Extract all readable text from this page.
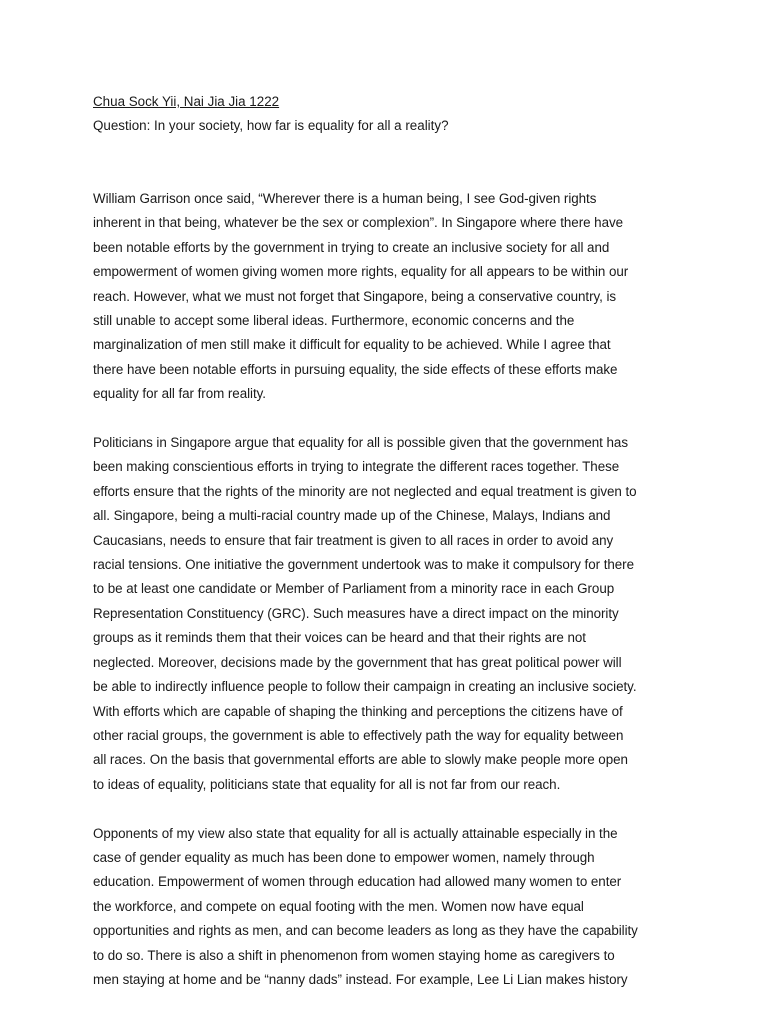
Chua Sock Yii, Nai Jia Jia 1222

Question: In your society, how far is equality for all a reality?

William Garrison once said, “Wherever there is a human being, I see God-given rights
inherent in that being, whatever be the sex or complexion”. In Singapore where there have
been notable efforts by the government in trying to create an inclusive society for all and
empowerment of women giving women more rights, equality for all appears to be within our
reach. However, what we must not forget that Singapore, being a conservative country, is
still unable to accept some liberal ideas. Furthermore, economic concerns and the
marginalization of men still make it difficult for equality to be achieved. While I agree that
there have been notable efforts in pursuing equality, the side effects of these efforts make
equality for all far from reality.

Politicians in Singapore argue that equality for all is possible given that the government has
been making conscientious efforts in trying to integrate the different races together. These
efforts ensure that the rights of the minority are not neglected and equal treatment is given to
all. Singapore, being a multi-racial country made up of the Chinese, Malays, Indians and
Caucasians, needs to ensure that fair treatment is given to all races in order to avoid any
racial tensions. One initiative the government undertook was to make it compulsory for there
to be at least one candidate or Member of Parliament from a minority race in each Group
Representation Constituency (GRC). Such measures have a direct impact on the minority
groups as it reminds them that their voices can be heard and that their rights are not
neglected. Moreover, decisions made by the government that has great political power will
be able to indirectly influence people to follow their campaign in creating an inclusive society.
With efforts which are capable of shaping the thinking and perceptions the citizens have of
other racial groups, the government is able to effectively path the way for equality between
all races. On the basis that governmental efforts are able to slowly make people more open
to ideas of equality, politicians state that equality for all is not far from our reach.

Opponents of my view also state that equality for all is actually attainable especially in the
case of gender equality as much has been done to empower women, namely through
education. Empowerment of women through education had allowed many women to enter
the workforce, and compete on equal footing with the men. Women now have equal
opportunities and rights as men, and can become leaders as long as they have the capability
to do so. There is also a shift in phenomenon from women staying home as caregivers to
men staying at home and be “nanny dads” instead. For example, Lee Li Lian makes history
